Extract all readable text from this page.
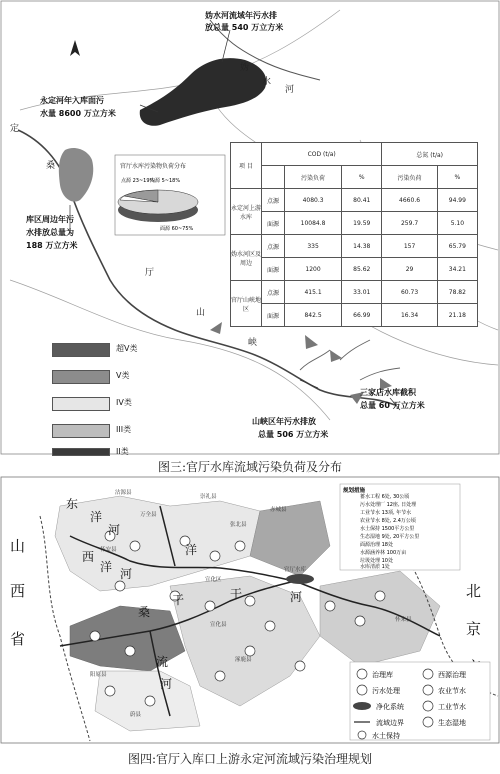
妫水河流域年污水排 放总量 540 万立方米
永定河年入库面污 水量 8600 万立方米
库区周边年污 水排放总量为 188 万立方米
山峡区年污水排放 总量 506 万立方米
三家店水库截积 总量 60 万立方米
定
桑
妫
水
河
厅
山
峡
官厅水库污染物负荷分布
点源 23~19%
内源 5~18%
面源 60~75%
项 目	COD (t/a)			总氮 (t/a)	
		污染负荷	%	污染负荷	%
永定河上游水库	点源	4080.3	80.41	4660.6	94.99
	面源	10084.8	19.59	259.7	5.10
妫水河区及周边	点源	335	14.38	157	65.79
	面源	1200	85.62	29	34.21
官厅山峡地区	点源	415.1	33.01	60.73	78.82
	面源	842.5	66.99	16.34	21.18
超V类
V类
IV类
III类
II类
图三:官厅水库流域污染负荷及分布
山
西
省
北
京
东
洋
河
西
洋 河
洋
干	河
桑
干
流
河
万全县
宣化区
怀安县
宣化县
涿鹿县
怀来县
阳原县
蔚县
沽源县
崇礼县
赤城县
张北县
官厅水库
规划措施
蓄水工程 6处, 30公顷
污水处理厂 12座, 日处理
工业节水 13项, 年节水
农业节水 8处, 2.4万公顷
水土保持 1500平方公里
生态湿地 9处, 20平方公里
面源治理 18处
水源涵养林 100万亩
垃圾处理 10处
水库清淤 1处
治理库	西源治理
污水处理	农业节水
净化系统	工业节水
流域边界	生态湿地
水土保持
图四:官厅入库口上游永定河流域污染治理规划
